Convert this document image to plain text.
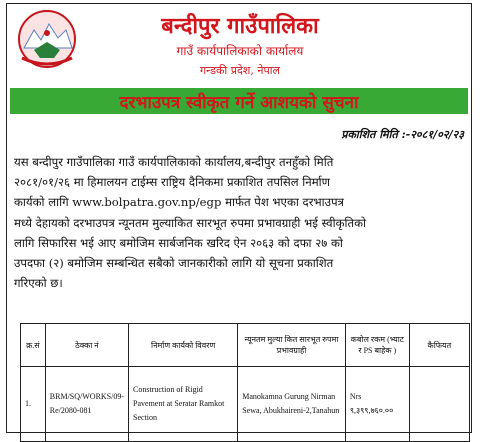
बन्दीपुर गाउँपालिका
गाउँ कार्यपालिकाको कार्यालय
गन्डकी प्रदेश, नेपाल
दरभाउपत्र स्वीकृत गर्ने आशयको सुचना
प्रकाशित मिति :-२०८१/०२/२३

यस बन्दीपुर गाउँपालिका गाउँ कार्यपालिकाको कार्यालय,बन्दीपुर तनहुँको मिति

२०८१/०१/२६ मा हिमालयन टाईम्स राष्ट्रिय दैनिकमा प्रकाशित तपसिल निर्माण

कार्यको लागि www.bolpatra.gov.np/egp मार्फत पेश भएका दरभाउपत्र

मध्ये देहायको दरभाउपत्र न्यूनतम मुल्याकित सारभूत रुपमा प्रभावग्राही भई स्वीकृतिको

लागि सिफारिस भई आए बमोजिम सार्बजनिक खरिद ऐन २०६३ को दफा २७ को

उपदफा (२) बमोजिम सम्बन्धित सबैको जानकारीको लागि यो सूचना प्रकाशित

गरिएको छ।

क्र.सं	ठेक्का नं	निर्माण कार्यको विवरण	न्यूनतम मुल्या कित सारभूत रुपमा प्रभावग्राही	कबोल रकम (भ्याट र PS बाहेक )	कैफियत
1.	BRM/SQ/WORKS/09-Re/2080-081	Construction of Rigid Pavement at Seratar Ramkot Section	Manokamna Gurung Nirman Sewa, Abukhaireni-2,Tanahun	Nrs ९,३९९,७६०.००	
